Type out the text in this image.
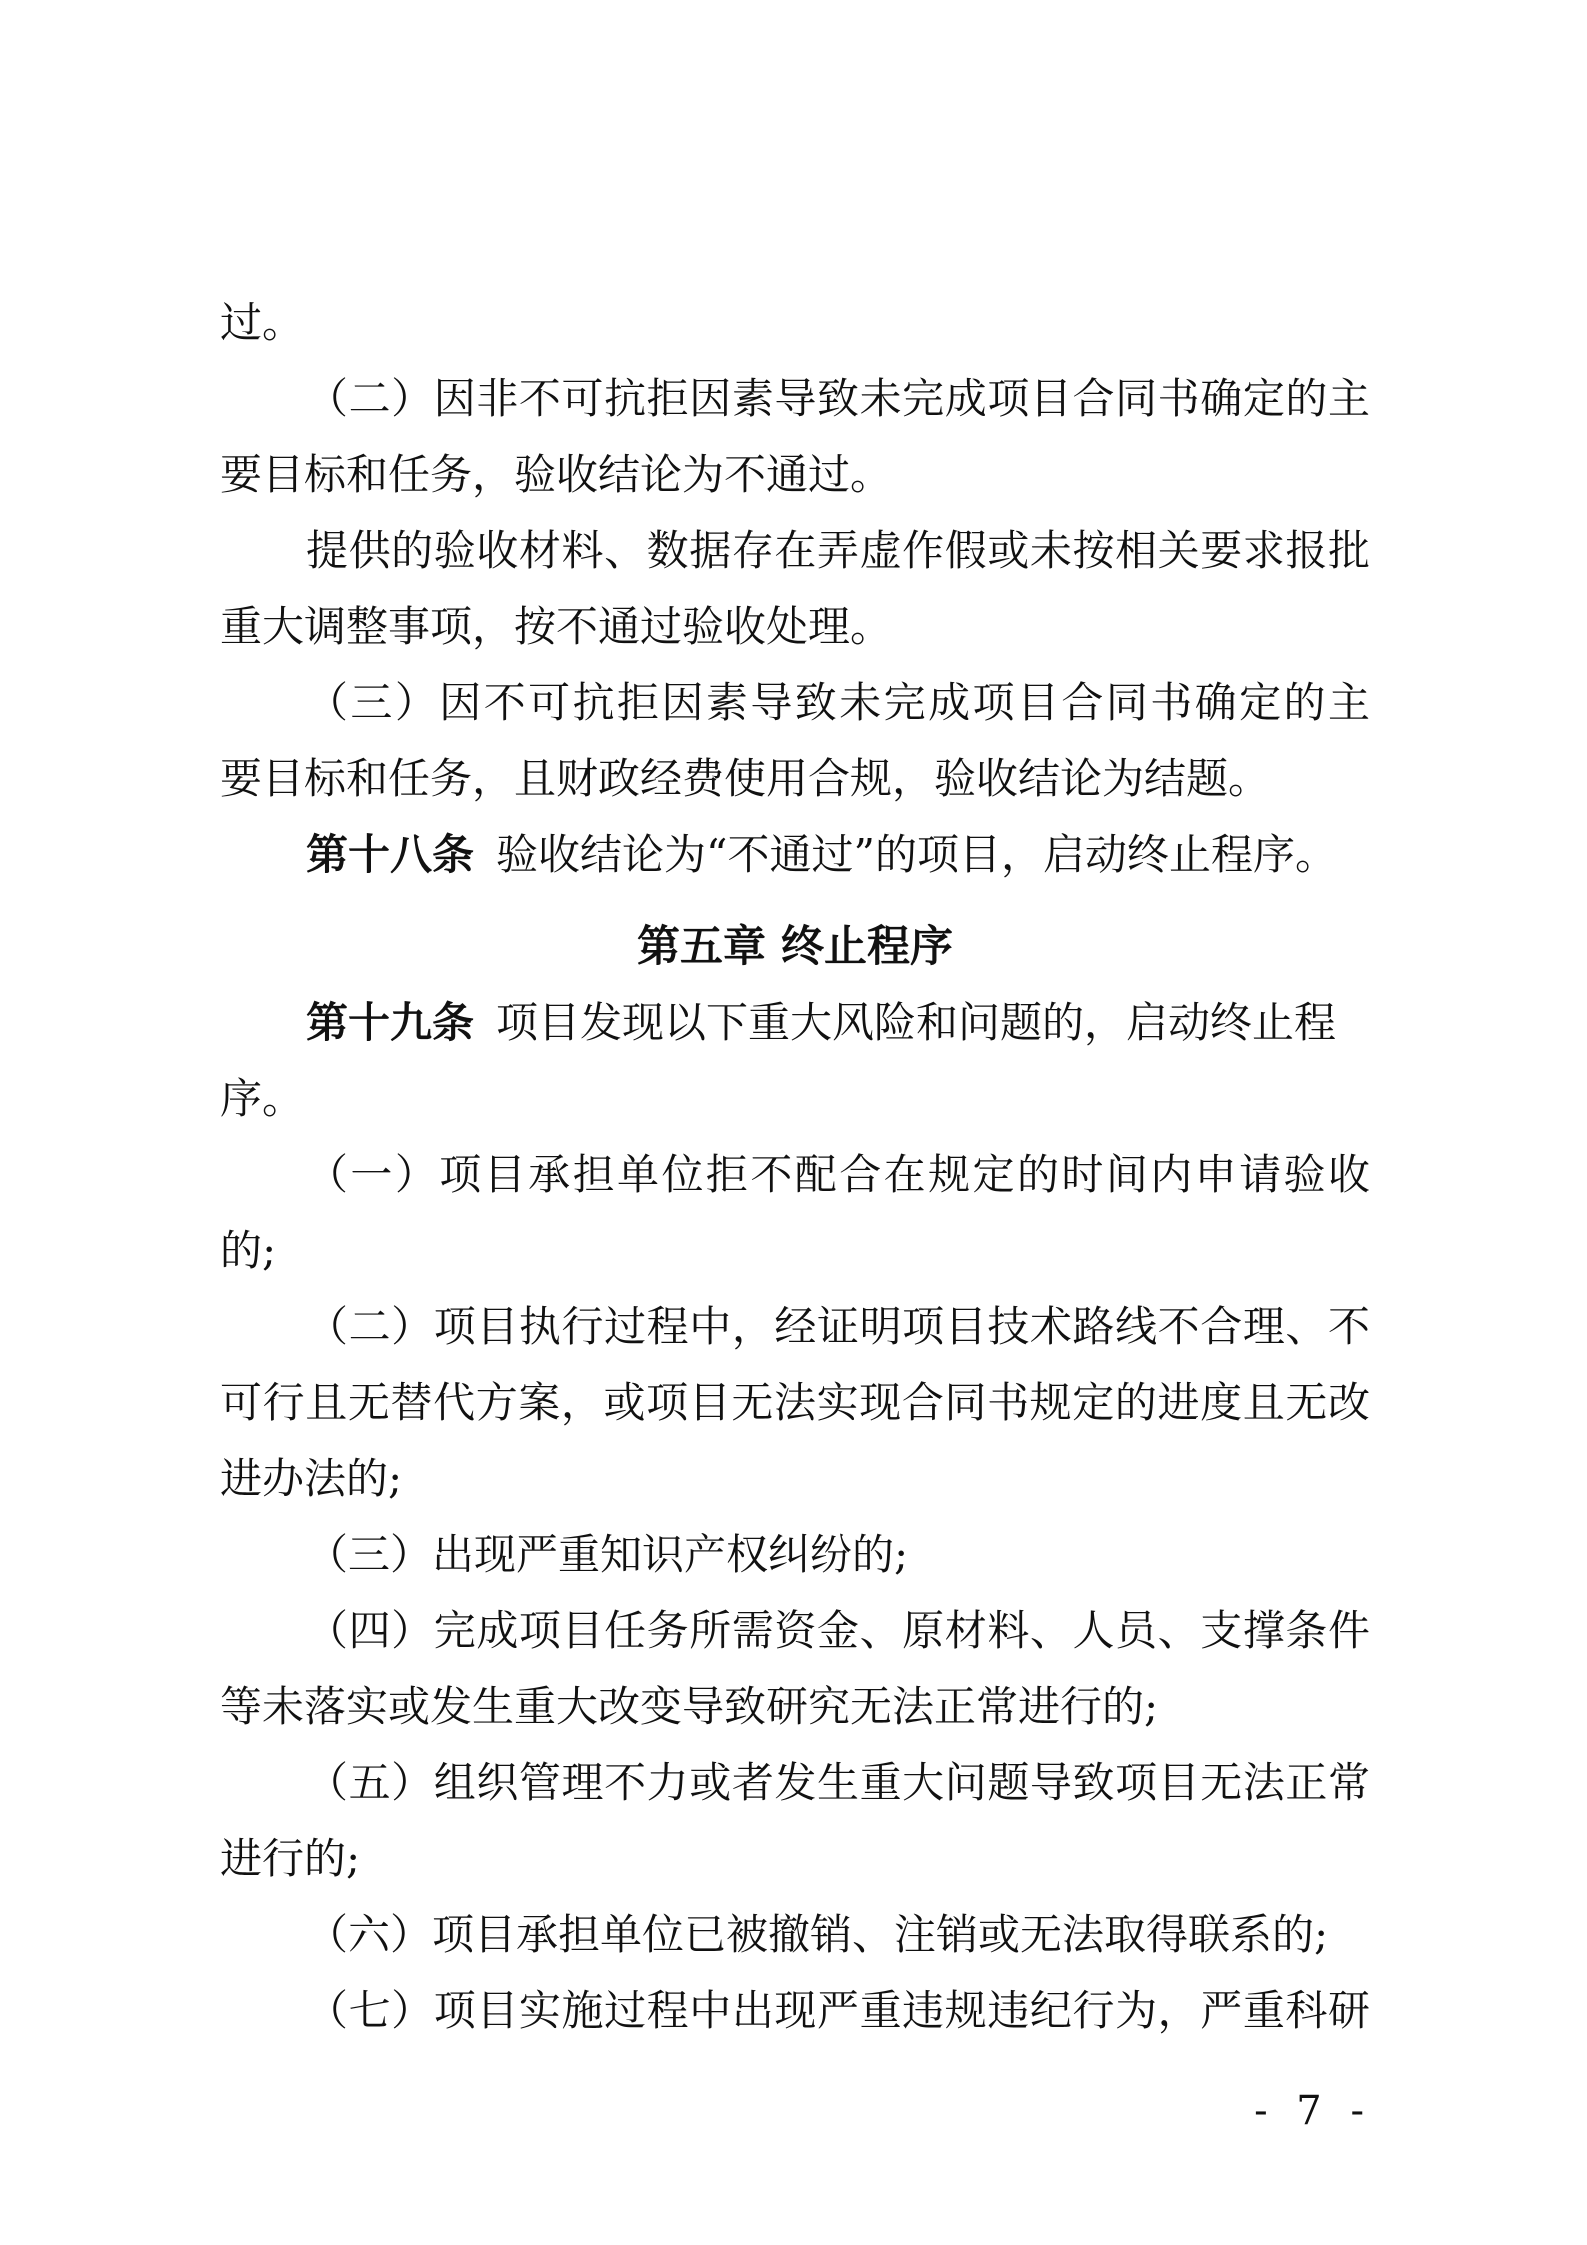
过。
（二）因非不可抗拒因素导致未完成项目合同书确定的主
要目标和任务，验收结论为不通过。
提供的验收材料、数据存在弄虚作假或未按相关要求报批
重大调整事项，按不通过验收处理。
（三）因不可抗拒因素导致未完成项目合同书确定的主
要目标和任务，且财政经费使用合规，验收结论为结题。
第十八条 验收结论为“不通过”的项目，启动终止程序。
第五章 终止程序
第十九条 项目发现以下重大风险和问题的，启动终止程
序。
（一）项目承担单位拒不配合在规定的时间内申请验收
的;
（二）项目执行过程中，经证明项目技术路线不合理、不
可行且无替代方案，或项目无法实现合同书规定的进度且无改
进办法的;
（三）出现严重知识产权纠纷的;
（四）完成项目任务所需资金、原材料、人员、支撑条件
等未落实或发生重大改变导致研究无法正常进行的;
（五）组织管理不力或者发生重大问题导致项目无法正常
进行的;
（六）项目承担单位已被撤销、注销或无法取得联系的;
（七）项目实施过程中出现严重违规违纪行为，严重科研
- 7 -
